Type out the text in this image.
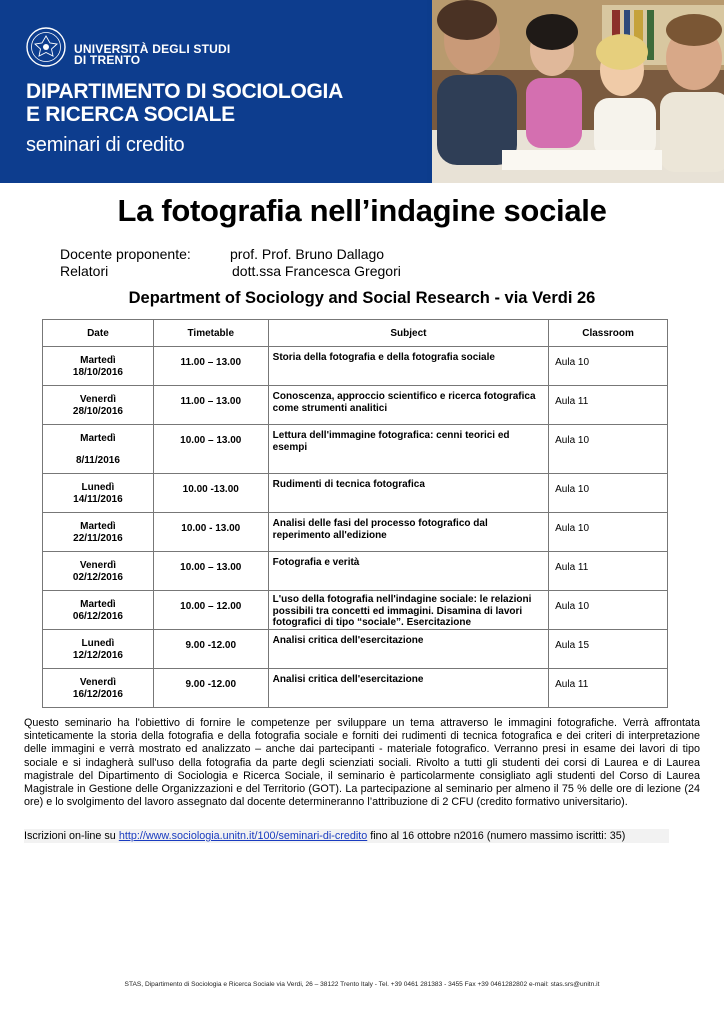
UNIVERSITÀ DEGLI STUDI
DI TRENTO
DIPARTIMENTO DI SOCIOLOGIA
E RICERCA SOCIALE
seminari di credito
La fotografia nell’indagine sociale
Docente proponente:	prof. Prof. Bruno Dallago
Relatori	dott.ssa Francesca Gregori
Department of Sociology and Social Research - via Verdi 26
Date	Timetable	Subject	Classroom

Martedì
18/10/2016	11.00 – 13.00	Storia della fotografia e della fotografia sociale	Aula 10

Venerdì
28/10/2016	11.00 – 13.00	Conoscenza, approccio scientifico e ricerca fotografica come strumenti analitici	Aula 11

Martedì
8/11/2016	10.00 – 13.00	Lettura dell'immagine fotografica: cenni teorici ed esempi	Aula 10

Lunedì
14/11/2016	10.00 -13.00	Rudimenti di tecnica fotografica	Aula 10

Martedì
22/11/2016	10.00 - 13.00	Analisi delle fasi del processo fotografico dal reperimento all'edizione	Aula 10

Venerdì
02/12/2016	10.00 – 13.00	Fotografia e verità	Aula 11

Martedì
06/12/2016	10.00 – 12.00	L'uso della fotografia nell'indagine sociale: le relazioni possibili tra concetti ed immagini. Disamina di lavori fotografici di tipo “sociale”. Esercitazione	Aula 10

Lunedì
12/12/2016	9.00 -12.00	Analisi critica dell'esercitazione	Aula 15

Venerdì
16/12/2016	9.00 -12.00	Analisi critica dell'esercitazione	Aula 11
Questo seminario ha l'obiettivo di fornire le competenze per sviluppare un tema attraverso le immagini fotografiche. Verrà affrontata sinteticamente la storia della fotografia e della fotografia sociale e forniti dei rudimenti di tecnica fotografica e dei criteri di interpretazione delle immagini e verrà mostrato ed analizzato – anche dai partecipanti - materiale fotografico. Verranno presi in esame dei lavori di tipo sociale e si indagherà sull'uso della fotografia da parte degli scienziati sociali. Rivolto a tutti gli studenti dei corsi di Laurea e di Laurea magistrale del Dipartimento di Sociologia e Ricerca Sociale, il seminario è particolarmente consigliato agli studenti del Corso di Laurea Magistrale in Gestione delle Organizzazioni e del Territorio (GOT). La partecipazione al seminario per almeno il 75 % delle ore di lezione (24 ore) e lo svolgimento del lavoro assegnato dal docente determineranno l’attribuzione di 2 CFU (credito formativo universitario).
Iscrizioni on-line su http://www.sociologia.unitn.it/100/seminari-di-credito fino al 16 ottobre n2016 (numero massimo iscritti: 35)
STAS, Dipartimento di Sociologia e Ricerca Sociale via Verdi, 26 – 38122 Trento Italy - Tel. +39 0461 281383 - 3455 Fax +39 0461282802 e-mail: stas.srs@unitn.it
